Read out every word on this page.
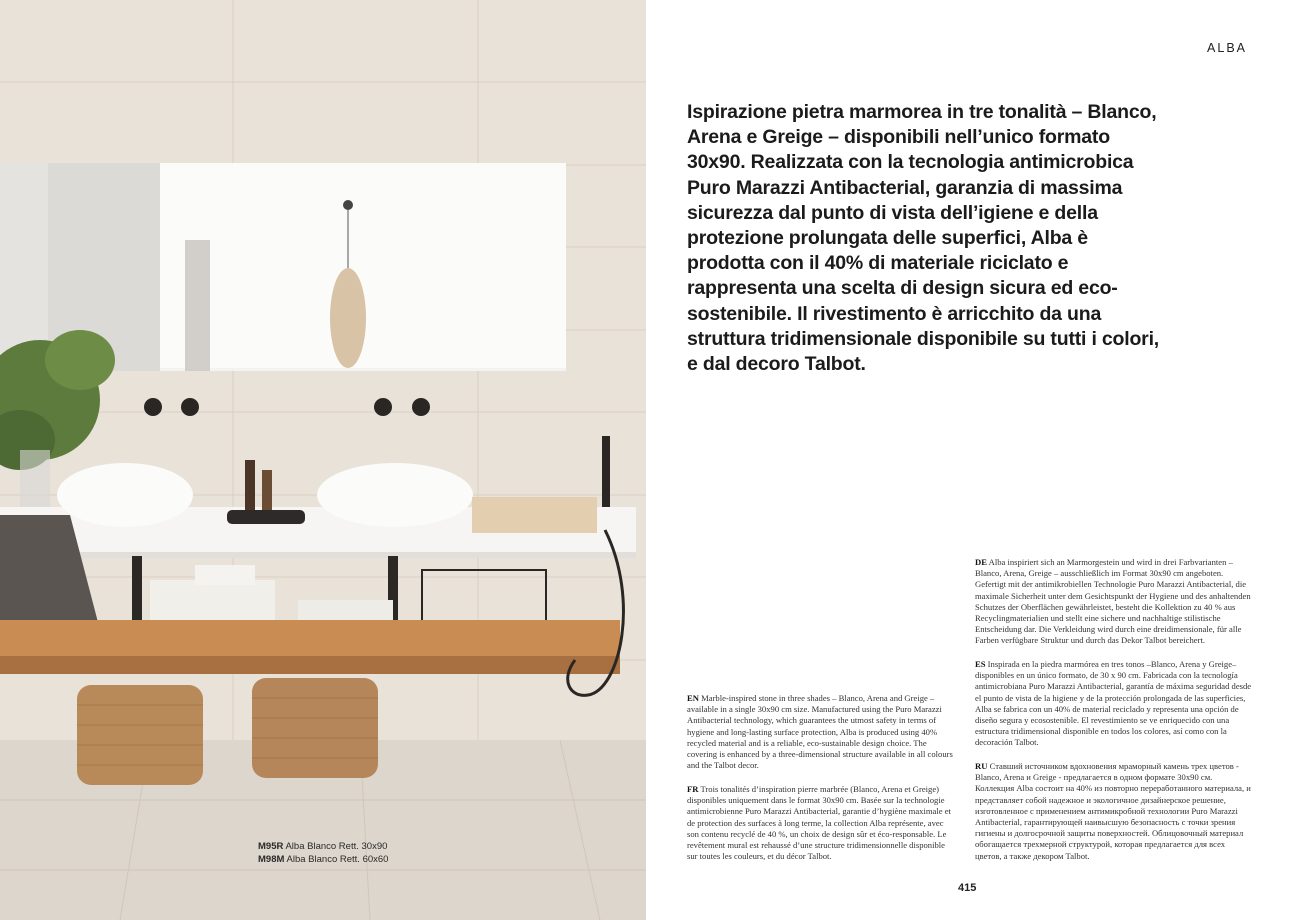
M95R Alba Blanco Rett. 30x90
M98M Alba Blanco Rett. 60x60
ALBA

Ispirazione pietra marmorea in tre tonalità – Blanco, Arena e Greige – disponibili nell’unico formato 30x90. Realizzata con la tecnologia antimicrobica Puro Marazzi Antibacterial, garanzia di massima sicurezza dal punto di vista dell’igiene e della protezione prolungata delle superfici, Alba è prodotta con il 40% di materiale riciclato e rappresenta una scelta di design sicura ed eco-sostenibile. Il rivestimento è arricchito da una struttura tridimensionale disponibile su tutti i colori, e dal decoro Talbot.

EN Marble-inspired stone in three shades – Blanco, Arena and Greige – available in a single 30x90 cm size. Manufactured using the Puro Marazzi Antibacterial technology, which guarantees the utmost safety in terms of hygiene and long-lasting surface protection, Alba is produced using 40% recycled material and is a reliable, eco-sustainable design choice. The covering is enhanced by a three-dimensional structure available in all colours and the Talbot decor.

FR Trois tonalités d’inspiration pierre marbrée (Blanco, Arena et Greige) disponibles uniquement dans le format 30x90 cm. Basée sur la technologie antimicrobienne Puro Marazzi Antibacterial, garantie d’hygiène maximale et de protection des surfaces à long terme, la collection Alba représente, avec son contenu recyclé de 40 %, un choix de design sûr et éco-responsable. Le revêtement mural est rehaussé d’une structure tridimensionnelle disponible sur toutes les couleurs, et du décor Talbot.

DE Alba inspiriert sich an Marmorgestein und wird in drei Farbvarianten – Blanco, Arena, Greige – ausschließlich im Format 30x90 cm angeboten. Gefertigt mit der antimikrobiellen Technologie Puro Marazzi Antibacterial, die maximale Sicherheit unter dem Gesichtspunkt der Hygiene und des anhaltenden Schutzes der Oberflächen gewährleistet, besteht die Kollektion zu 40 % aus Recyclingmaterialien und stellt eine sichere und nachhaltige stilistische Entscheidung dar. Die Verkleidung wird durch eine dreidimensionale, für alle Farben verfügbare Struktur und durch das Dekor Talbot bereichert.

ES Inspirada en la piedra marmórea en tres tonos –Blanco, Arena y Greige– disponibles en un único formato, de 30 x 90 cm. Fabricada con la tecnología antimicrobiana Puro Marazzi Antibacterial, garantía de máxima seguridad desde el punto de vista de la higiene y de la protección prolongada de las superficies, Alba se fabrica con un 40% de material reciclado y representa una opción de diseño segura y ecosostenible. El revestimiento se ve enriquecido con una estructura tridimensional disponible en todos los colores, así como con la decoración Talbot.

RU Ставший источником вдохновения мраморный камень трех цветов - Blanco, Arena и Greige - предлагается в одном формате 30x90 см. Коллекция Alba состоит на 40% из повторно переработанного материала, и представляет собой надежное и экологичное дизайнерское решение, изготовленное с применением антимикробной технологии Puro Marazzi Antibacterial, гарантирующей наивысшую безопасность с точки зрения гигиены и долгосрочной защиты поверхностей. Облицовочный материал обогащается трехмерной структурой, которая предлагается для всех цветов, а также декором Talbot.

415
